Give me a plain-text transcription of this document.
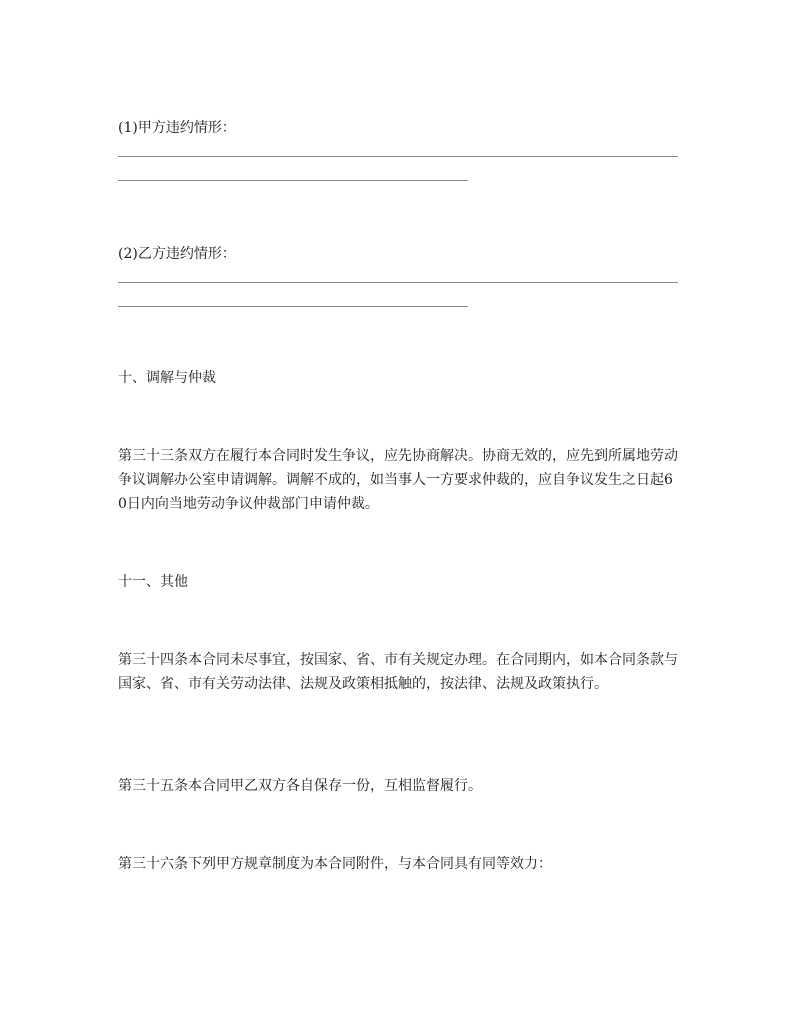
(1)甲方违约情形：

(2)乙方违约情形：

十、调解与仲裁

第三十三条双方在履行本合同时发生争议，应先协商解决。协商无效的，应先到所属地劳动争议调解办公室申请调解。调解不成的，如当事人一方要求仲裁的，应自争议发生之日起60日内向当地劳动争议仲裁部门申请仲裁。

十一、其他

第三十四条本合同未尽事宜，按国家、省、市有关规定办理。在合同期内，如本合同条款与国家、省、市有关劳动法律、法规及政策相抵触的，按法律、法规及政策执行。

第三十五条本合同甲乙双方各自保存一份，互相监督履行。

第三十六条下列甲方规章制度为本合同附件，与本合同具有同等效力：
